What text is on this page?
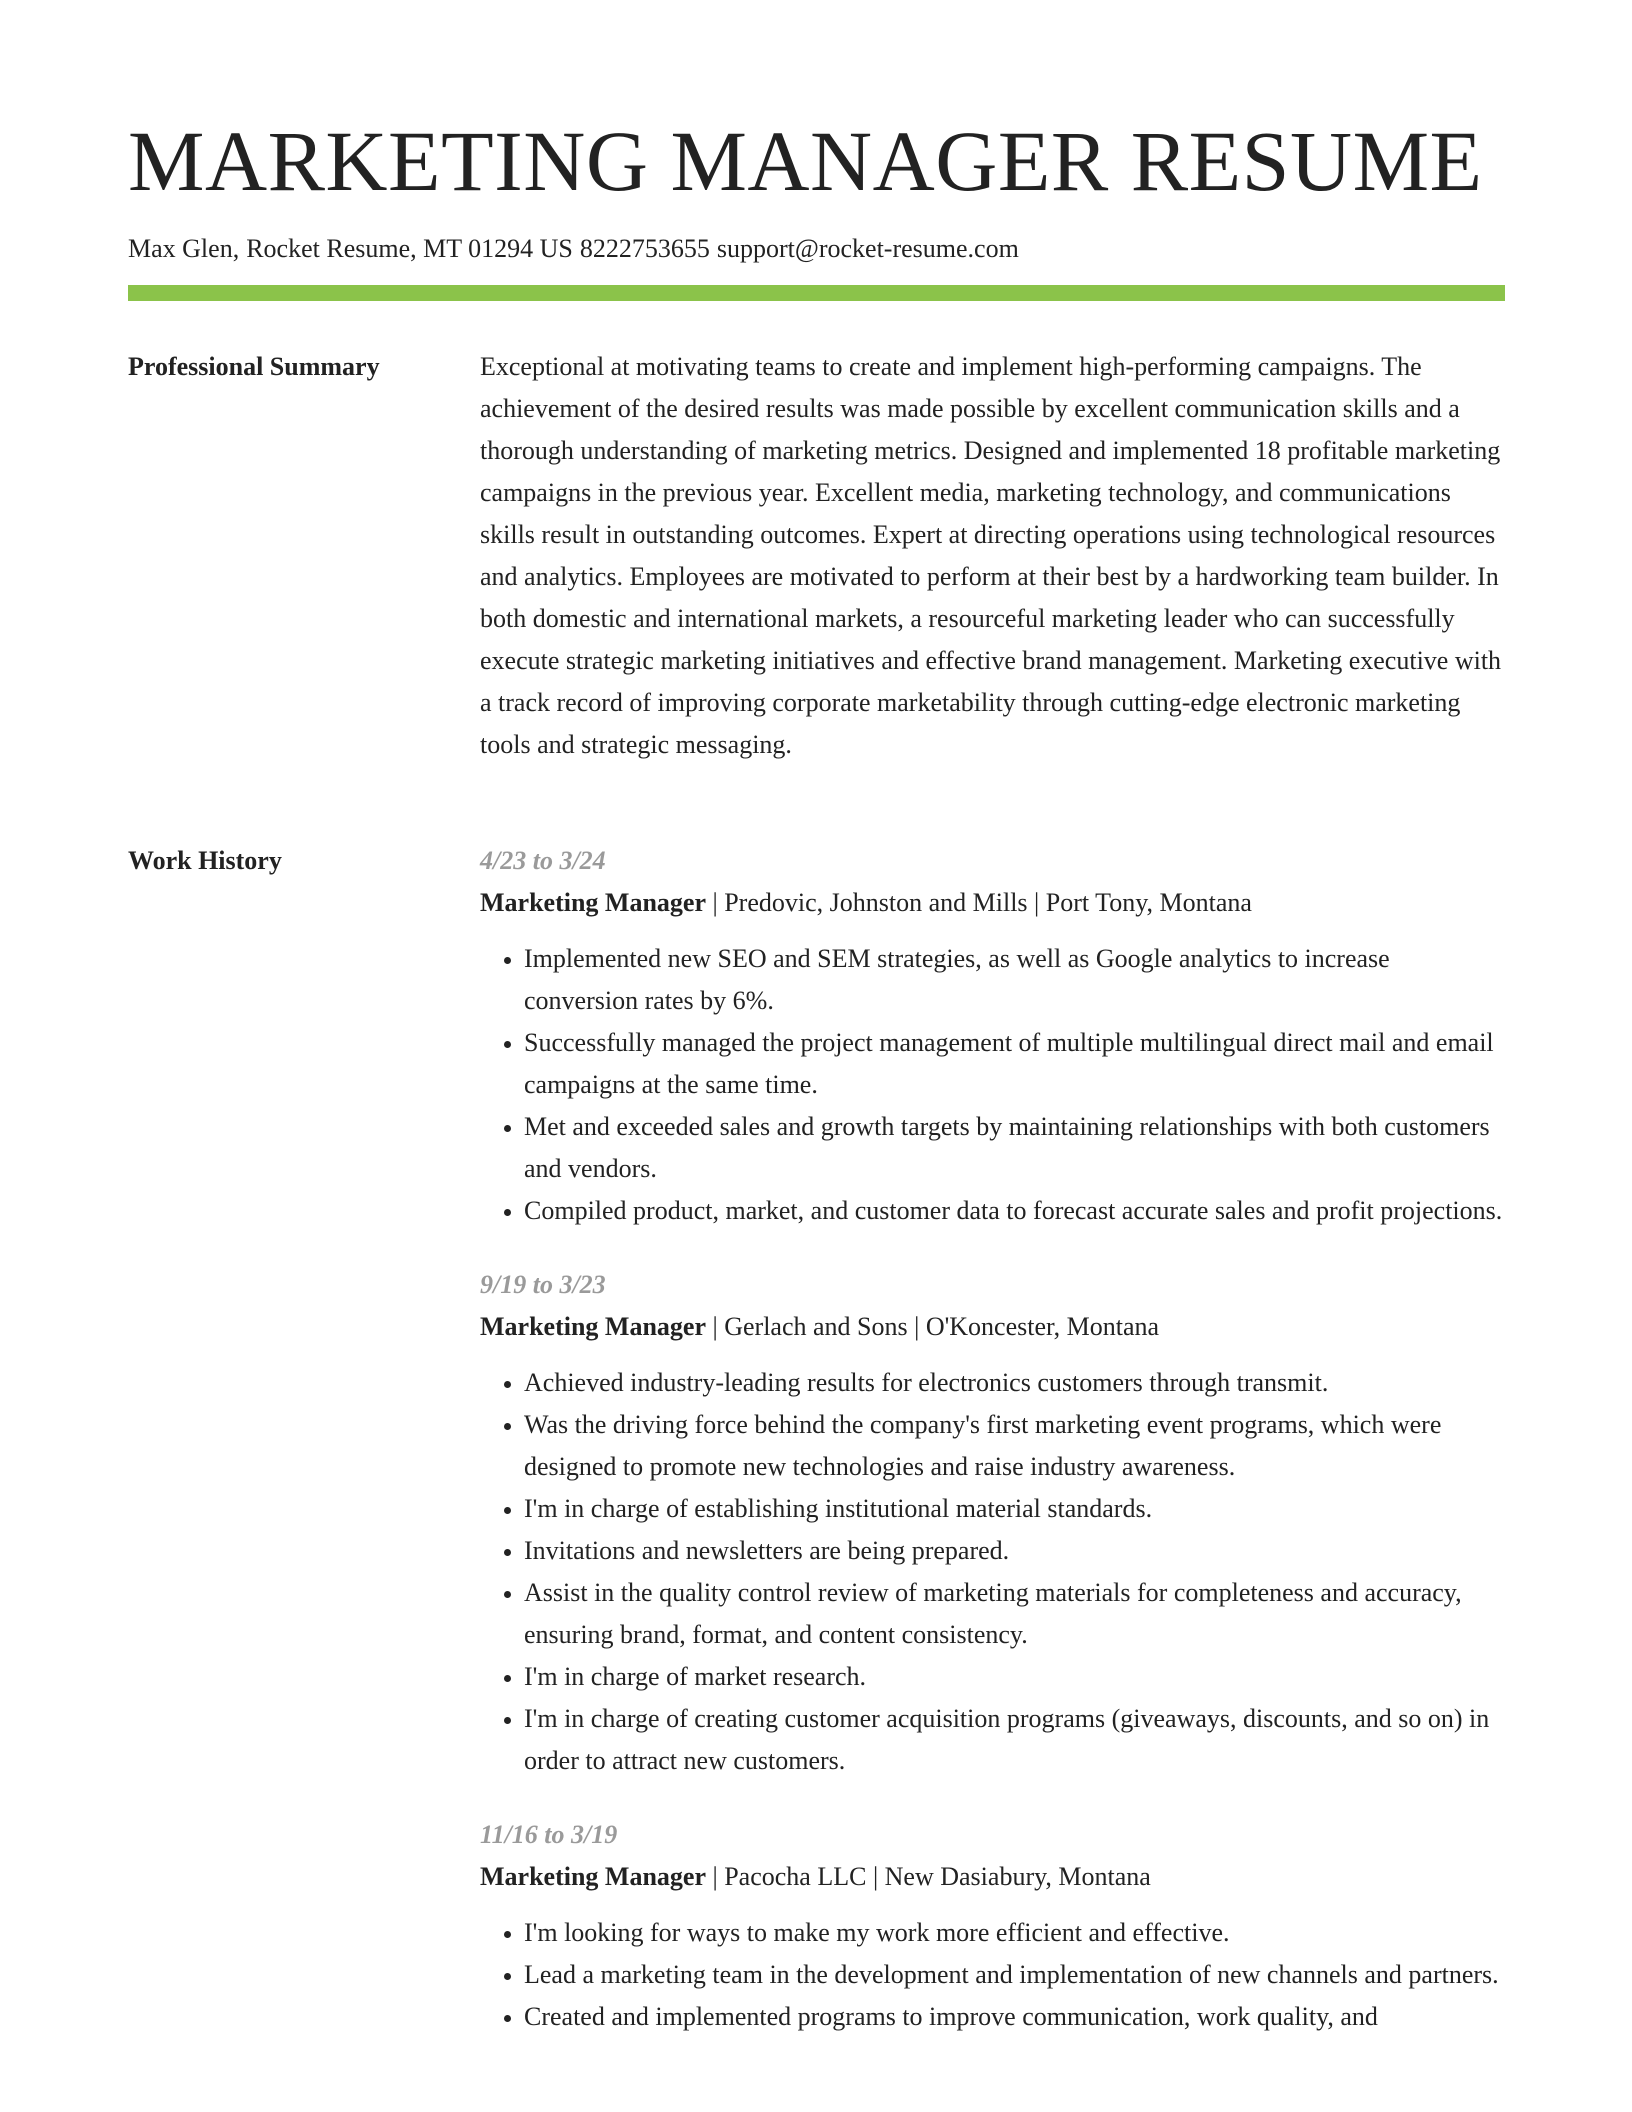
MARKETING MANAGER RESUME
Max Glen, Rocket Resume, MT 01294 US 8222753655 support@rocket-resume.com
Professional Summary	Exceptional at motivating teams to create and implement high-performing campaigns. The achievement of the desired results was made possible by excellent communication skills and a thorough understanding of marketing metrics. Designed and implemented 18 profitable marketing campaigns in the previous year. Excellent media, marketing technology, and communications skills result in outstanding outcomes. Expert at directing operations using technological resources and analytics. Employees are motivated to perform at their best by a hardworking team builder. In both domestic and international markets, a resourceful marketing leader who can successfully execute strategic marketing initiatives and effective brand management. Marketing executive with a track record of improving corporate marketability through cutting-edge electronic marketing tools and strategic messaging.

Work History	4/23 to 3/24
Marketing Manager | Predovic, Johnston and Mills | Port Tony, Montana
• Implemented new SEO and SEM strategies, as well as Google analytics to increase conversion rates by 6%.
• Successfully managed the project management of multiple multilingual direct mail and email campaigns at the same time.
• Met and exceeded sales and growth targets by maintaining relationships with both customers and vendors.
• Compiled product, market, and customer data to forecast accurate sales and profit projections.
9/19 to 3/23
Marketing Manager | Gerlach and Sons | O'Koncester, Montana
• Achieved industry-leading results for electronics customers through transmit.
• Was the driving force behind the company's first marketing event programs, which were designed to promote new technologies and raise industry awareness.
• I'm in charge of establishing institutional material standards.
• Invitations and newsletters are being prepared.
• Assist in the quality control review of marketing materials for completeness and accuracy, ensuring brand, format, and content consistency.
• I'm in charge of market research.
• I'm in charge of creating customer acquisition programs (giveaways, discounts, and so on) in order to attract new customers.
11/16 to 3/19
Marketing Manager | Pacocha LLC | New Dasiabury, Montana
• I'm looking for ways to make my work more efficient and effective.
• Lead a marketing team in the development and implementation of new channels and partners.
• Created and implemented programs to improve communication, work quality, and
